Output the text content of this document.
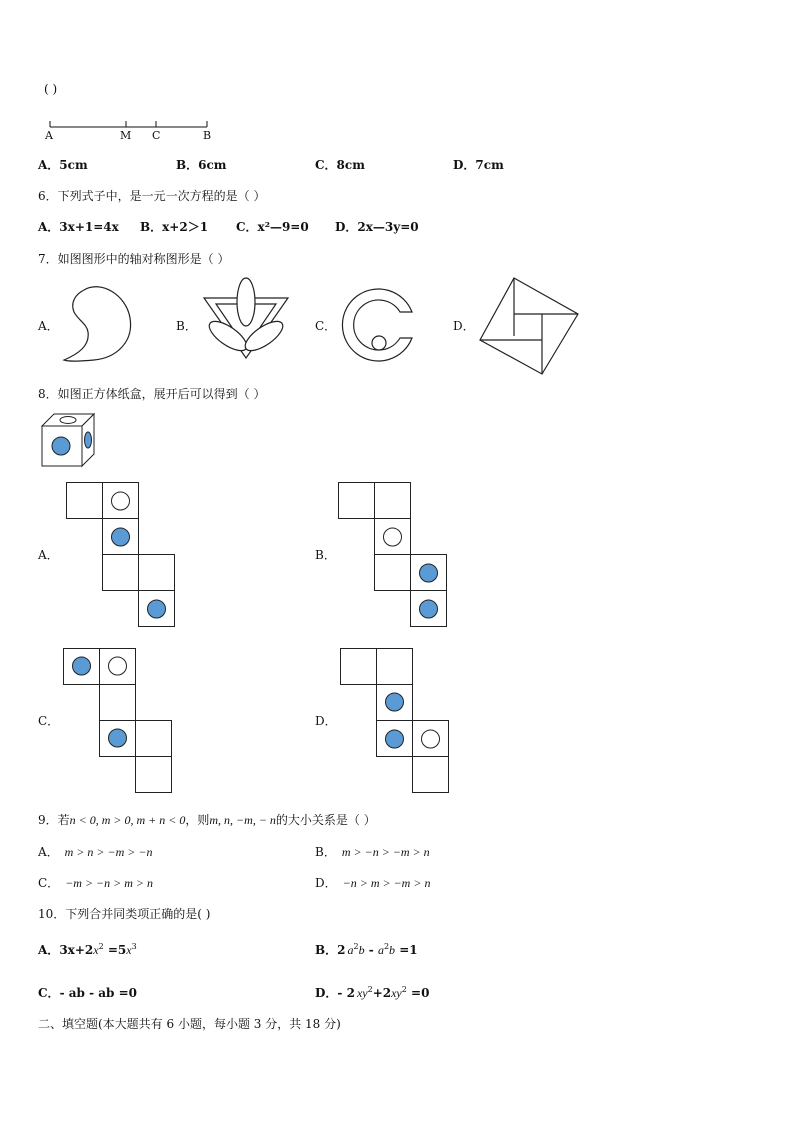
( )
A	M C	B
A．5cm	B．6cm	C．8cm	D．7cm
6．下列式子中，是一元一次方程的是（ ）
A．3x+1=4x B．x+2＞1 C．x²—9=0 D．2x—3y=0
7．如图图形中的轴对称图形是（ ）
A．	B．	C．	D．
8．如图正方体纸盒，展开后可以得到（ ）
A．	B．
C．	D．
9．若n < 0, m > 0, m + n < 0，则m, n, −m, − n的大小关系是（ ）
A． m > n > −m > −n	B． m > −n > −m > n
C． −m > −n > m > n	D． −n > m > −m > n
10．下列合并同类项正确的是( )
A．$3x+2x^2 =5x^3$	B．2 $a^2b - a^2b =1$
C．- ab - ab =0	D．- 2 $xy^2+2xy^2 =0$
二、填空题(本大题共有 6 小题，每小题 3 分，共 18 分)
